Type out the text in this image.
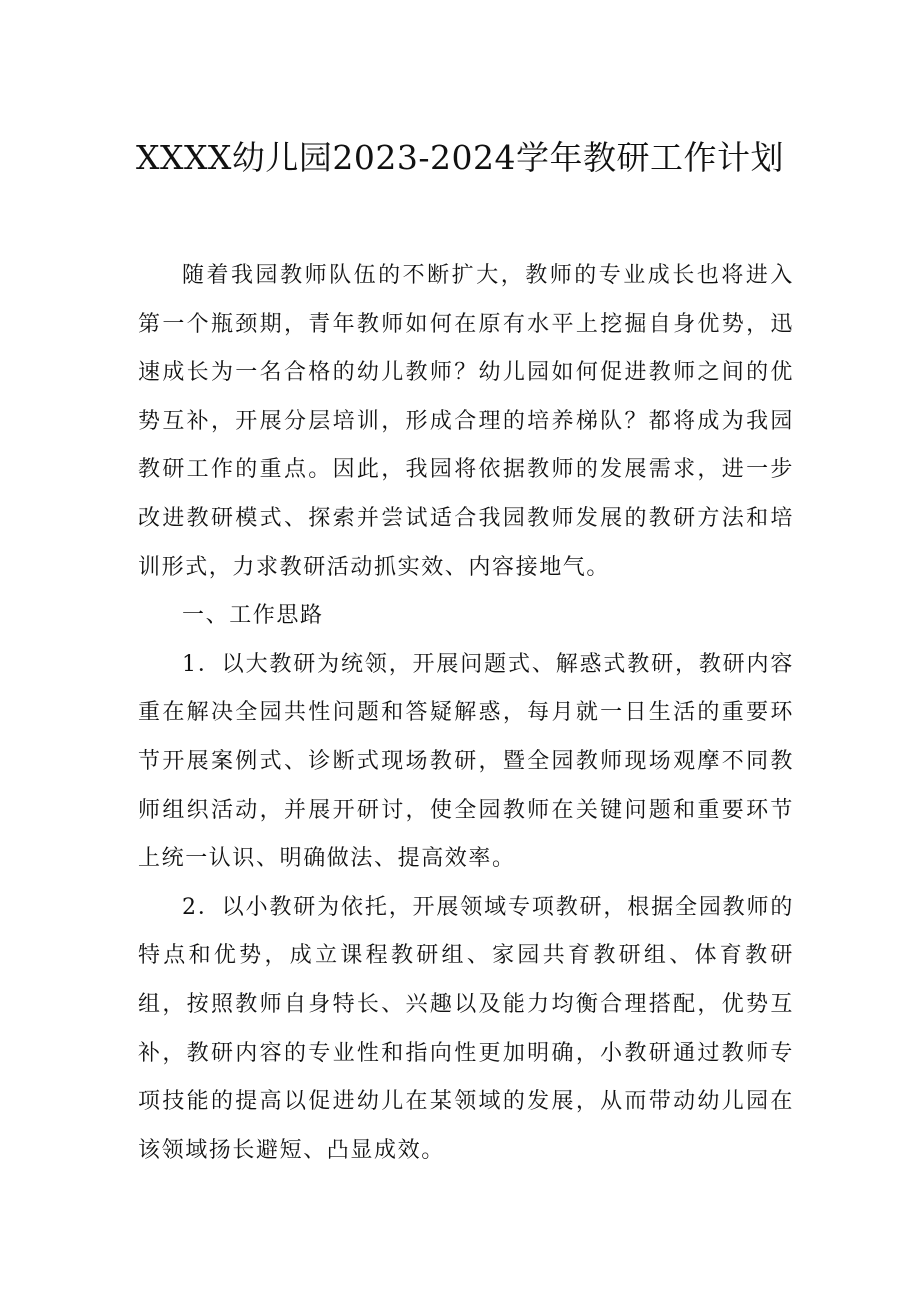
XXXX幼儿园2023-2024学年教研工作计划

随着我园教师队伍的不断扩大，教师的专业成长也将进入第一个瓶颈期，青年教师如何在原有水平上挖掘自身优势，迅速成长为一名合格的幼儿教师？幼儿园如何促进教师之间的优势互补，开展分层培训，形成合理的培养梯队？都将成为我园教研工作的重点。因此，我园将依据教师的发展需求，进一步改进教研模式、探索并尝试适合我园教师发展的教研方法和培训形式，力求教研活动抓实效、内容接地气。

一、工作思路

1．以大教研为统领，开展问题式、解惑式教研，教研内容重在解决全园共性问题和答疑解惑，每月就一日生活的重要环节开展案例式、诊断式现场教研，暨全园教师现场观摩不同教师组织活动，并展开研讨，使全园教师在关键问题和重要环节上统一认识、明确做法、提高效率。

2．以小教研为依托，开展领域专项教研，根据全园教师的特点和优势，成立课程教研组、家园共育教研组、体育教研组，按照教师自身特长、兴趣以及能力均衡合理搭配，优势互补，教研内容的专业性和指向性更加明确，小教研通过教师专项技能的提高以促进幼儿在某领域的发展，从而带动幼儿园在该领域扬长避短、凸显成效。
